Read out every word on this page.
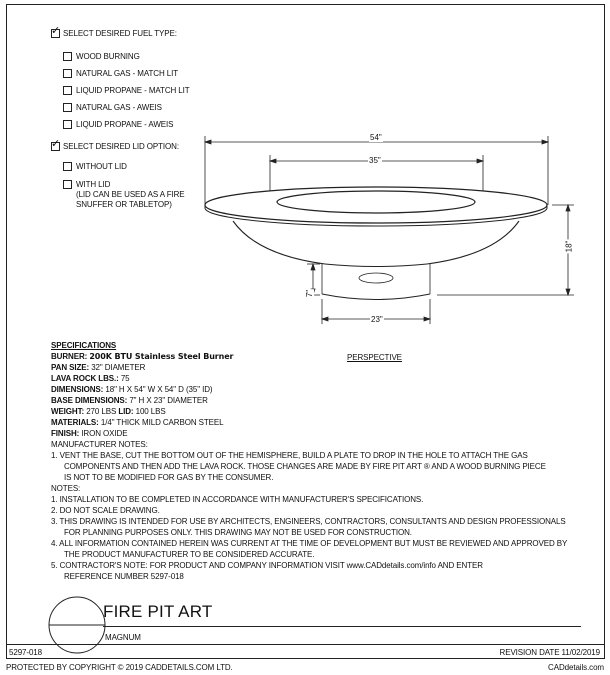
✓ SELECT DESIRED FUEL TYPE:
WOOD BURNING
NATURAL GAS - MATCH LIT
LIQUID PROPANE - MATCH LIT
NATURAL GAS - AWEIS
LIQUID PROPANE - AWEIS
✓ SELECT DESIRED LID OPTION:
WITHOUT LID
WITH LID
(LID CAN BE USED AS A FIRE
SNUFFER OR TABLETOP)
54"
35"
18"
7"
23"
PERSPECTIVE
SPECIFICATIONS
BURNER: 200K BTU Stainless Steel Burner
PAN SIZE: 32" DIAMETER
LAVA ROCK LBS.: 75
DIMENSIONS: 18" H X 54" W X 54" D (35" ID)
BASE DIMENSIONS: 7" H X 23" DIAMETER
WEIGHT: 270 LBS LID: 100 LBS
MATERIALS: 1/4" THICK MILD CARBON STEEL
FINISH: IRON OXIDE
MANUFACTURER NOTES:
1. VENT THE BASE, CUT THE BOTTOM OUT OF THE HEMISPHERE, BUILD A PLATE TO DROP IN THE HOLE TO ATTACH THE GAS
COMPONENTS AND THEN ADD THE LAVA ROCK. THOSE CHANGES ARE MADE BY FIRE PIT ART ® AND A WOOD BURNING PIECE
IS NOT TO BE MODIFIED FOR GAS BY THE CONSUMER.
NOTES:
1. INSTALLATION TO BE COMPLETED IN ACCORDANCE WITH MANUFACTURER'S SPECIFICATIONS.
2. DO NOT SCALE DRAWING.
3. THIS DRAWING IS INTENDED FOR USE BY ARCHITECTS, ENGINEERS, CONTRACTORS, CONSULTANTS AND DESIGN PROFESSIONALS
FOR PLANNING PURPOSES ONLY. THIS DRAWING MAY NOT BE USED FOR CONSTRUCTION.
4. ALL INFORMATION CONTAINED HEREIN WAS CURRENT AT THE TIME OF DEVELOPMENT BUT MUST BE REVIEWED AND APPROVED BY
THE PRODUCT MANUFACTURER TO BE CONSIDERED ACCURATE.
5. CONTRACTOR'S NOTE: FOR PRODUCT AND COMPANY INFORMATION VISIT www.CADdetails.com/info AND ENTER
REFERENCE NUMBER 5297-018
FIRE PIT ART
MAGNUM
5297-018	REVISION DATE 11/02/2019
PROTECTED BY COPYRIGHT © 2019 CADDETAILS.COM LTD.	CADdetails.com
